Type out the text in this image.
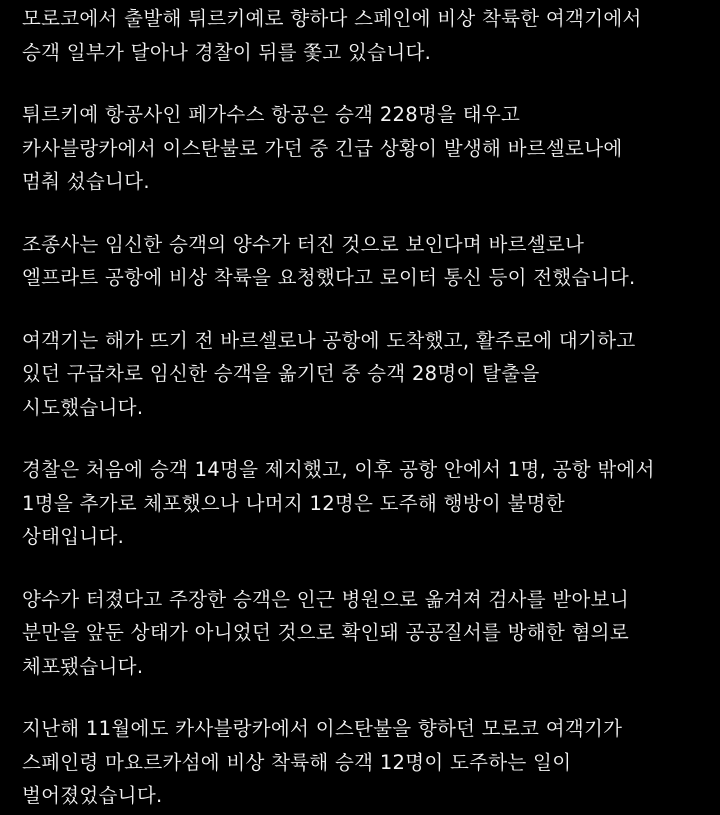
모로코에서 출발해 튀르키예로 향하다 스페인에 비상 착륙한 여객기에서
승객 일부가 달아나 경찰이 뒤를 쫓고 있습니다.
튀르키예 항공사인 페가수스 항공은 승객 228명을 태우고
카사블랑카에서 이스탄불로 가던 중 긴급 상황이 발생해 바르셀로나에
멈춰 섰습니다.
조종사는 임신한 승객의 양수가 터진 것으로 보인다며 바르셀로나
엘프라트 공항에 비상 착륙을 요청했다고 로이터 통신 등이 전했습니다.
여객기는 해가 뜨기 전 바르셀로나 공항에 도착했고, 활주로에 대기하고
있던 구급차로 임신한 승객을 옮기던 중 승객 28명이 탈출을
시도했습니다.
경찰은 처음에 승객 14명을 제지했고, 이후 공항 안에서 1명, 공항 밖에서
1명을 추가로 체포했으나 나머지 12명은 도주해 행방이 불명한
상태입니다.
양수가 터졌다고 주장한 승객은 인근 병원으로 옮겨져 검사를 받아보니
분만을 앞둔 상태가 아니었던 것으로 확인돼 공공질서를 방해한 혐의로
체포됐습니다.
지난해 11월에도 카사블랑카에서 이스탄불을 향하던 모로코 여객기가
스페인령 마요르카섬에 비상 착륙해 승객 12명이 도주하는 일이
벌어졌었습니다.
